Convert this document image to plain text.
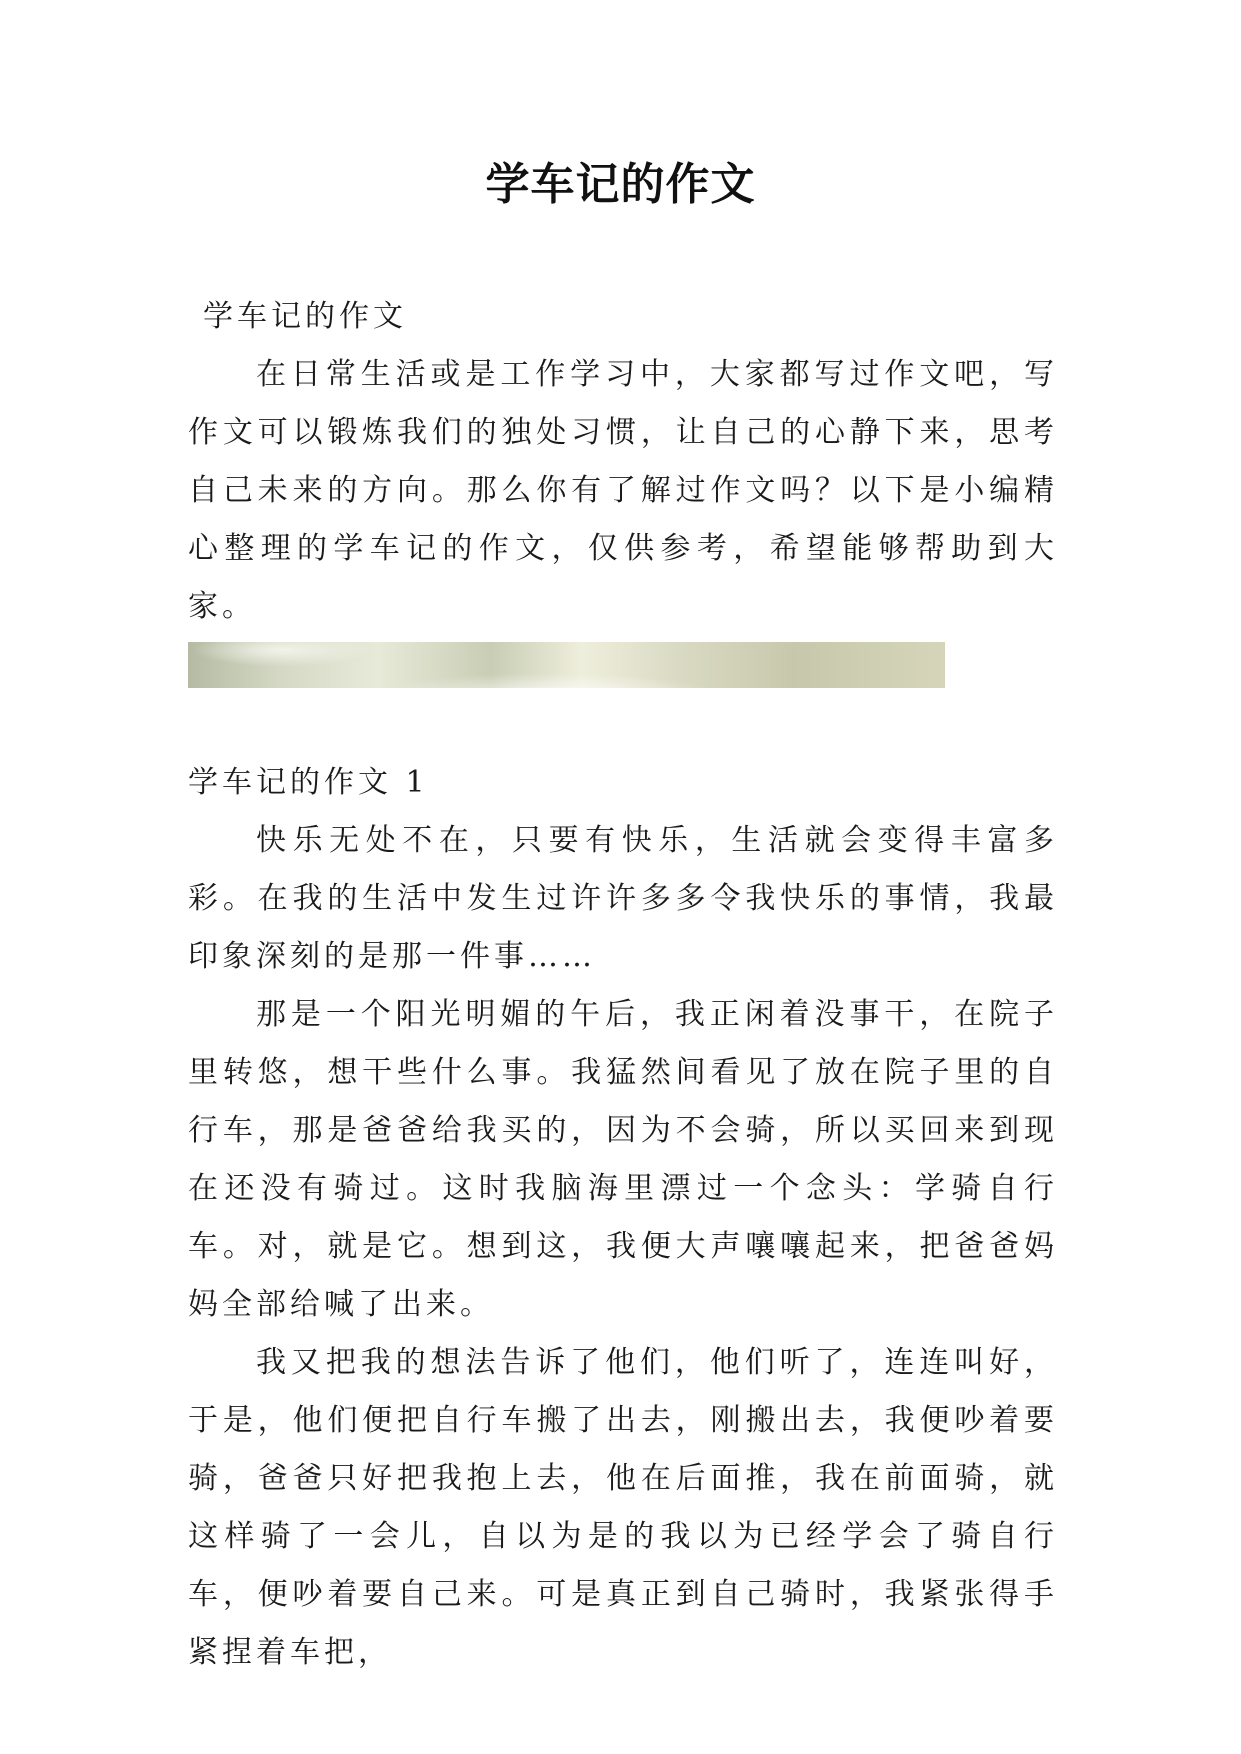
学车记的作文

学车记的作文

在日常生活或是工作学习中，大家都写过作文吧，写作文可以锻炼我们的独处习惯，让自己的心静下来，思考自己未来的方向。那么你有了解过作文吗？以下是小编精心整理的学车记的作文，仅供参考，希望能够帮助到大家。

学车记的作文 1

快乐无处不在，只要有快乐，生活就会变得丰富多彩。在我的生活中发生过许许多多令我快乐的事情，我最印象深刻的是那一件事……

那是一个阳光明媚的午后，我正闲着没事干，在院子里转悠，想干些什么事。我猛然间看见了放在院子里的自行车，那是爸爸给我买的，因为不会骑，所以买回来到现在还没有骑过。这时我脑海里漂过一个念头：学骑自行车。对，就是它。想到这，我便大声嚷嚷起来，把爸爸妈妈全部给喊了出来。

我又把我的想法告诉了他们，他们听了，连连叫好，于是，他们便把自行车搬了出去，刚搬出去，我便吵着要骑，爸爸只好把我抱上去，他在后面推，我在前面骑，就这样骑了一会儿，自以为是的我以为已经学会了骑自行车，便吵着要自己来。可是真正到自己骑时，我紧张得手紧捏着车把，
